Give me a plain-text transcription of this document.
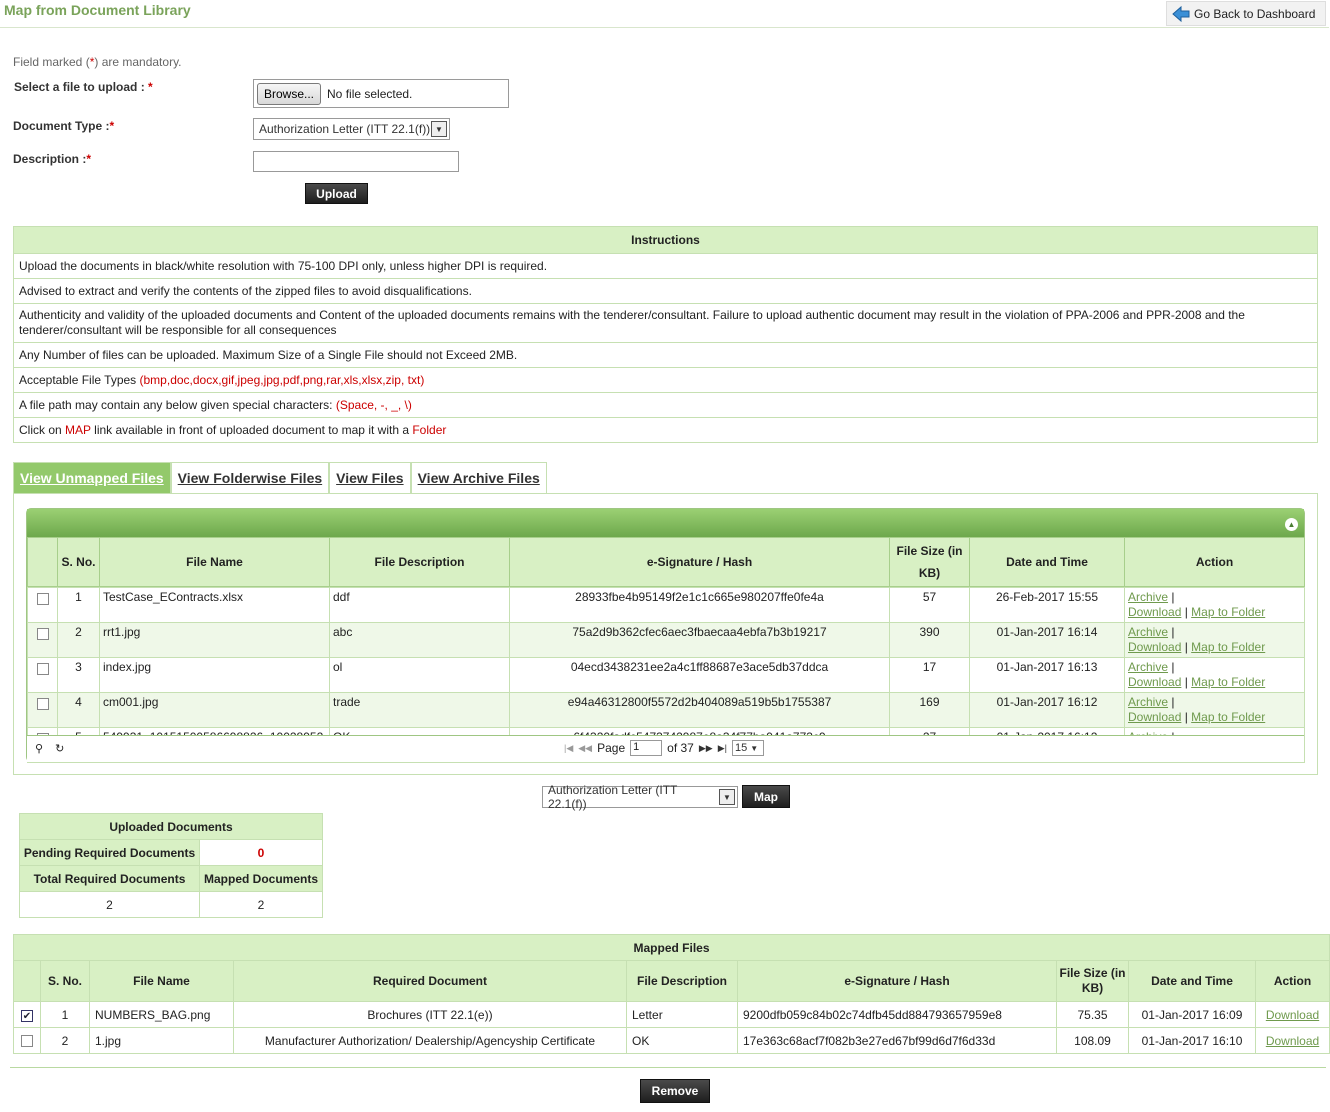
Map from Document Library	Go Back to Dashboard
Field marked (*) are mandatory.
Select a file to upload : *	Browse...	No file selected.
Document Type :*	Authorization Letter (ITT 22.1(f)) ▼
Description :*
Upload
Instructions
Upload the documents in black/white resolution with 75-100 DPI only, unless higher DPI is required.
Advised to extract and verify the contents of the zipped files to avoid disqualifications.
Authenticity and validity of the uploaded documents and Content of the uploaded documents remains with the tenderer/consultant. Failure to upload authentic document may result in the violation of PPA-2006 and PPR-2008 and the tenderer/consultant will be responsible for all consequences
Any Number of files can be uploaded. Maximum Size of a Single File should not Exceed 2MB.
Acceptable File Types (bmp,doc,docx,gif,jpeg,jpg,pdf,png,rar,xls,xlsx,zip, txt)
A file path may contain any below given special characters: (Space, -, _, \)
Click on MAP link available in front of uploaded document to map it with a Folder
View Unmapped Files	View Folderwise Files	View Files	View Archive Files
▲
	S. No.	File Name	File Description	e-Signature / Hash	File Size (in KB)	Date and Time	Action
	1	TestCase_EContracts.xlsx	ddf	28933fbe4b95149f2e1c1c665e980207ffe0fe4a	57	26-Feb-2017 15:55	Archive |
Download | Map to Folder
	2	rrt1.jpg	abc	75a2d9b362cfec6aec3fbaecaa4ebfa7b3b19217	390	01-Jan-2017 16:14	Archive |
Download | Map to Folder
	3	index.jpg	ol	04ecd3438231ee2a4c1ff88687e3ace5db37ddca	17	01-Jan-2017 16:13	Archive |
Download | Map to Folder
	4	cm001.jpg	trade	e94a46312800f5572d2b404089a519b5b1755387	169	01-Jan-2017 16:12	Archive |
Download | Map to Folder

⚲ ↻	|◀ ◀◀ Page 1	of 37 ▶▶ ▶| 15 ▼
Authorization Letter (ITT 22.1(f))	▼	Map
Uploaded Documents	
Pending Required Documents	0
Total Required Documents	Mapped Documents
2	2
Mapped Files								
	S. No.	File Name	Required Document	File Description	e-Signature / Hash	File Size (in KB)	Date and Time	Action
✔	1	NUMBERS_BAG.png	Brochures (ITT 22.1(e))	Letter	9200dfb059c84b02c74dfb45dd884793657959e8	75.35	01-Jan-2017 16:09	Download
	2	1.jpg	Manufacturer Authorization/ Dealership/Agencyship Certificate	OK	17e363c68acf7f082b3e27ed67bf99d6d7f6d33d	108.09	01-Jan-2017 16:10	Download
Remove
